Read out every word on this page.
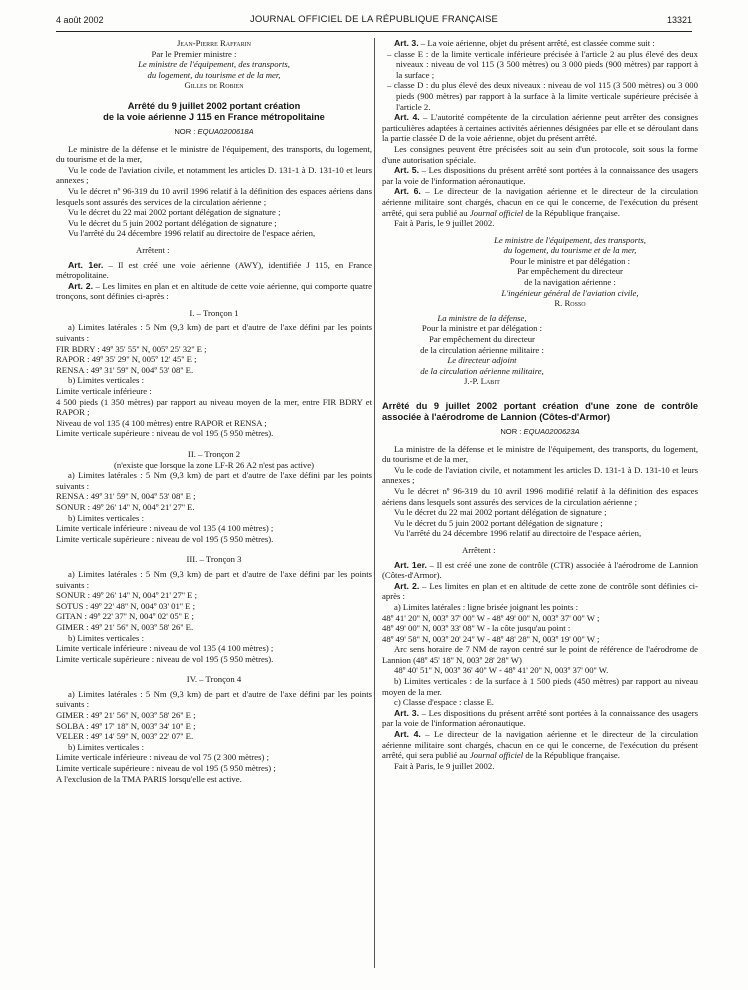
4 août 2002	JOURNAL OFFICIEL DE LA RÉPUBLIQUE FRANÇAISE	13321

Jean-Pierre Raffarin

Par le Premier ministre :

Le ministre de l'équipement, des transports,

du logement, du tourisme et de la mer,

Gilles de Robien

Arrêté du 9 juillet 2002 portant création

de la voie aérienne J 115 en France métropolitaine

NOR : EQUA0200618A

Le ministre de la défense et le ministre de l'équipement, des transports, du logement, du tourisme et de la mer,

Vu le code de l'aviation civile, et notamment les articles D. 131-1 à D. 131-10 et leurs annexes ;

Vu le décret nº 96-319 du 10 avril 1996 relatif à la définition des espaces aériens dans lesquels sont assurés des services de la circulation aérienne ;

Vu le décret du 22 mai 2002 portant délégation de signature ;

Vu le décret du 5 juin 2002 portant délégation de signature ;

Vu l'arrêté du 24 décembre 1996 relatif au directoire de l'espace aérien,

Arrêtent :

Art. 1er. – Il est créé une voie aérienne (AWY), identifiée J 115, en France métropolitaine.

Art. 2. – Les limites en plan et en altitude de cette voie aérienne, qui comporte quatre tronçons, sont définies ci-après :

I. – Tronçon 1

a) Limites latérales : 5 Nm (9,3 km) de part et d'autre de l'axe défini par les points suivants :

FIR BDRY : 49º 35' 55'' N, 005º 25' 32'' E ;

RAPOR : 49º 35' 29'' N, 005º 12' 45'' E ;

RENSA : 49º 31' 59'' N, 004º 53' 08'' E.

b) Limites verticales :

Limite verticale inférieure :

4 500 pieds (1 350 mètres) par rapport au niveau moyen de la mer, entre FIR BDRY et RAPOR ;

Niveau de vol 135 (4 100 mètres) entre RAPOR et RENSA ;

Limite verticale supérieure : niveau de vol 195 (5 950 mètres).

II. – Tronçon 2

(n'existe que lorsque la zone LF-R 26 A2 n'est pas active)

a) Limites latérales : 5 Nm (9,3 km) de part et d'autre de l'axe défini par les points suivants :

RENSA : 49º 31' 59'' N, 004º 53' 08'' E ;

SONUR : 49º 26' 14'' N, 004º 21' 27'' E.

b) Limites verticales :

Limite verticale inférieure : niveau de vol 135 (4 100 mètres) ;

Limite verticale supérieure : niveau de vol 195 (5 950 mètres).

III. – Tronçon 3

a) Limites latérales : 5 Nm (9,3 km) de part et d'autre de l'axe défini par les points suivants :

SONUR : 49º 26' 14'' N, 004º 21' 27'' E ;

SOTUS : 49º 22' 48'' N, 004º 03' 01'' E ;

GITAN : 49º 22' 37'' N, 004º 02' 05'' E ;

GIMER : 49º 21' 56'' N, 003º 58' 26'' E.

b) Limites verticales :

Limite verticale inférieure : niveau de vol 135 (4 100 mètres) ;

Limite verticale supérieure : niveau de vol 195 (5 950 mètres).

IV. – Tronçon 4

a) Limites latérales : 5 Nm (9,3 km) de part et d'autre de l'axe défini par les points suivants :

GIMER : 49º 21' 56'' N, 003º 58' 26'' E ;

SOLBA : 49º 17' 18'' N, 003º 34' 10'' E ;

VELER : 49º 14' 59'' N, 003º 22' 07'' E.

b) Limites verticales :

Limite verticale inférieure : niveau de vol 75 (2 300 mètres) ;

Limite verticale supérieure : niveau de vol 195 (5 950 mètres) ;

A l'exclusion de la TMA PARIS lorsqu'elle est active.

Art. 3. – La voie aérienne, objet du présent arrêté, est classée comme suit :

– classe E : de la limite verticale inférieure précisée à l'article 2 au plus élevé des deux niveaux : niveau de vol 115 (3 500 mètres) ou 3 000 pieds (900 mètres) par rapport à la surface ;

– classe D : du plus élevé des deux niveaux : niveau de vol 115 (3 500 mètres) ou 3 000 pieds (900 mètres) par rapport à la surface à la limite verticale supérieure précisée à l'article 2.

Art. 4. – L'autorité compétente de la circulation aérienne peut arrêter des consignes particulières adaptées à certaines activités aériennes désignées par elle et se déroulant dans la partie classée D de la voie aérienne, objet du présent arrêté.

Les consignes peuvent être précisées soit au sein d'un protocole, soit sous la forme d'une autorisation spéciale.

Art. 5. – Les dispositions du présent arrêté sont portées à la connaissance des usagers par la voie de l'information aéronautique.

Art. 6. – Le directeur de la navigation aérienne et le directeur de la circulation aérienne militaire sont chargés, chacun en ce qui le concerne, de l'exécution du présent arrêté, qui sera publié au Journal officiel de la République française.

Fait à Paris, le 9 juillet 2002.

Le ministre de l'équipement, des transports,

du logement, du tourisme et de la mer,

Pour le ministre et par délégation :

Par empêchement du directeur

de la navigation aérienne :

L'ingénieur général de l'aviation civile,

R. Rosso

La ministre de la défense,

Pour la ministre et par délégation :

Par empêchement du directeur

de la circulation aérienne militaire :

Le directeur adjoint

de la circulation aérienne militaire,

J.-P. Labit

Arrêté du 9 juillet 2002 portant création d'une zone de contrôle associée à l'aérodrome de Lannion (Côtes-d'Armor)

NOR : EQUA0200623A

La ministre de la défense et le ministre de l'équipement, des transports, du logement, du tourisme et de la mer,

Vu le code de l'aviation civile, et notamment les articles D. 131-1 à D. 131-10 et leurs annexes ;

Vu le décret nº 96-319 du 10 avril 1996 modifié relatif à la définition des espaces aériens dans lesquels sont assurés des services de la circulation aérienne ;

Vu le décret du 22 mai 2002 portant délégation de signature ;

Vu le décret du 5 juin 2002 portant délégation de signature ;

Vu l'arrêté du 24 décembre 1996 relatif au directoire de l'espace aérien,

Arrêtent :

Art. 1er. – Il est créé une zone de contrôle (CTR) associée à l'aérodrome de Lannion (Côtes-d'Armor).

Art. 2. – Les limites en plan et en altitude de cette zone de contrôle sont définies ci-après :

a) Limites latérales : ligne brisée joignant les points :

48º 41' 20'' N, 003º 37' 00'' W - 48º 49' 00'' N, 003º 37' 00'' W ;

48º 49' 00'' N, 003º 33' 08'' W - la côte jusqu'au point :

48º 49' 58'' N, 003º 20' 24'' W - 48º 48' 28'' N, 003º 19' 00'' W ;

Arc sens horaire de 7 NM de rayon centré sur le point de référence de l'aérodrome de Lannion (48º 45' 18'' N, 003º 28' 28'' W)

48º 40' 51'' N, 003º 36' 40'' W - 48º 41' 20'' N, 003º 37' 00'' W.

b) Limites verticales : de la surface à 1 500 pieds (450 mètres) par rapport au niveau moyen de la mer.

c) Classe d'espace : classe E.

Art. 3. – Les dispositions du présent arrêté sont portées à la connaissance des usagers par la voie de l'information aéronautique.

Art. 4. – Le directeur de la navigation aérienne et le directeur de la circulation aérienne militaire sont chargés, chacun en ce qui le concerne, de l'exécution du présent arrêté, qui sera publié au Journal officiel de la République française.

Fait à Paris, le 9 juillet 2002.
